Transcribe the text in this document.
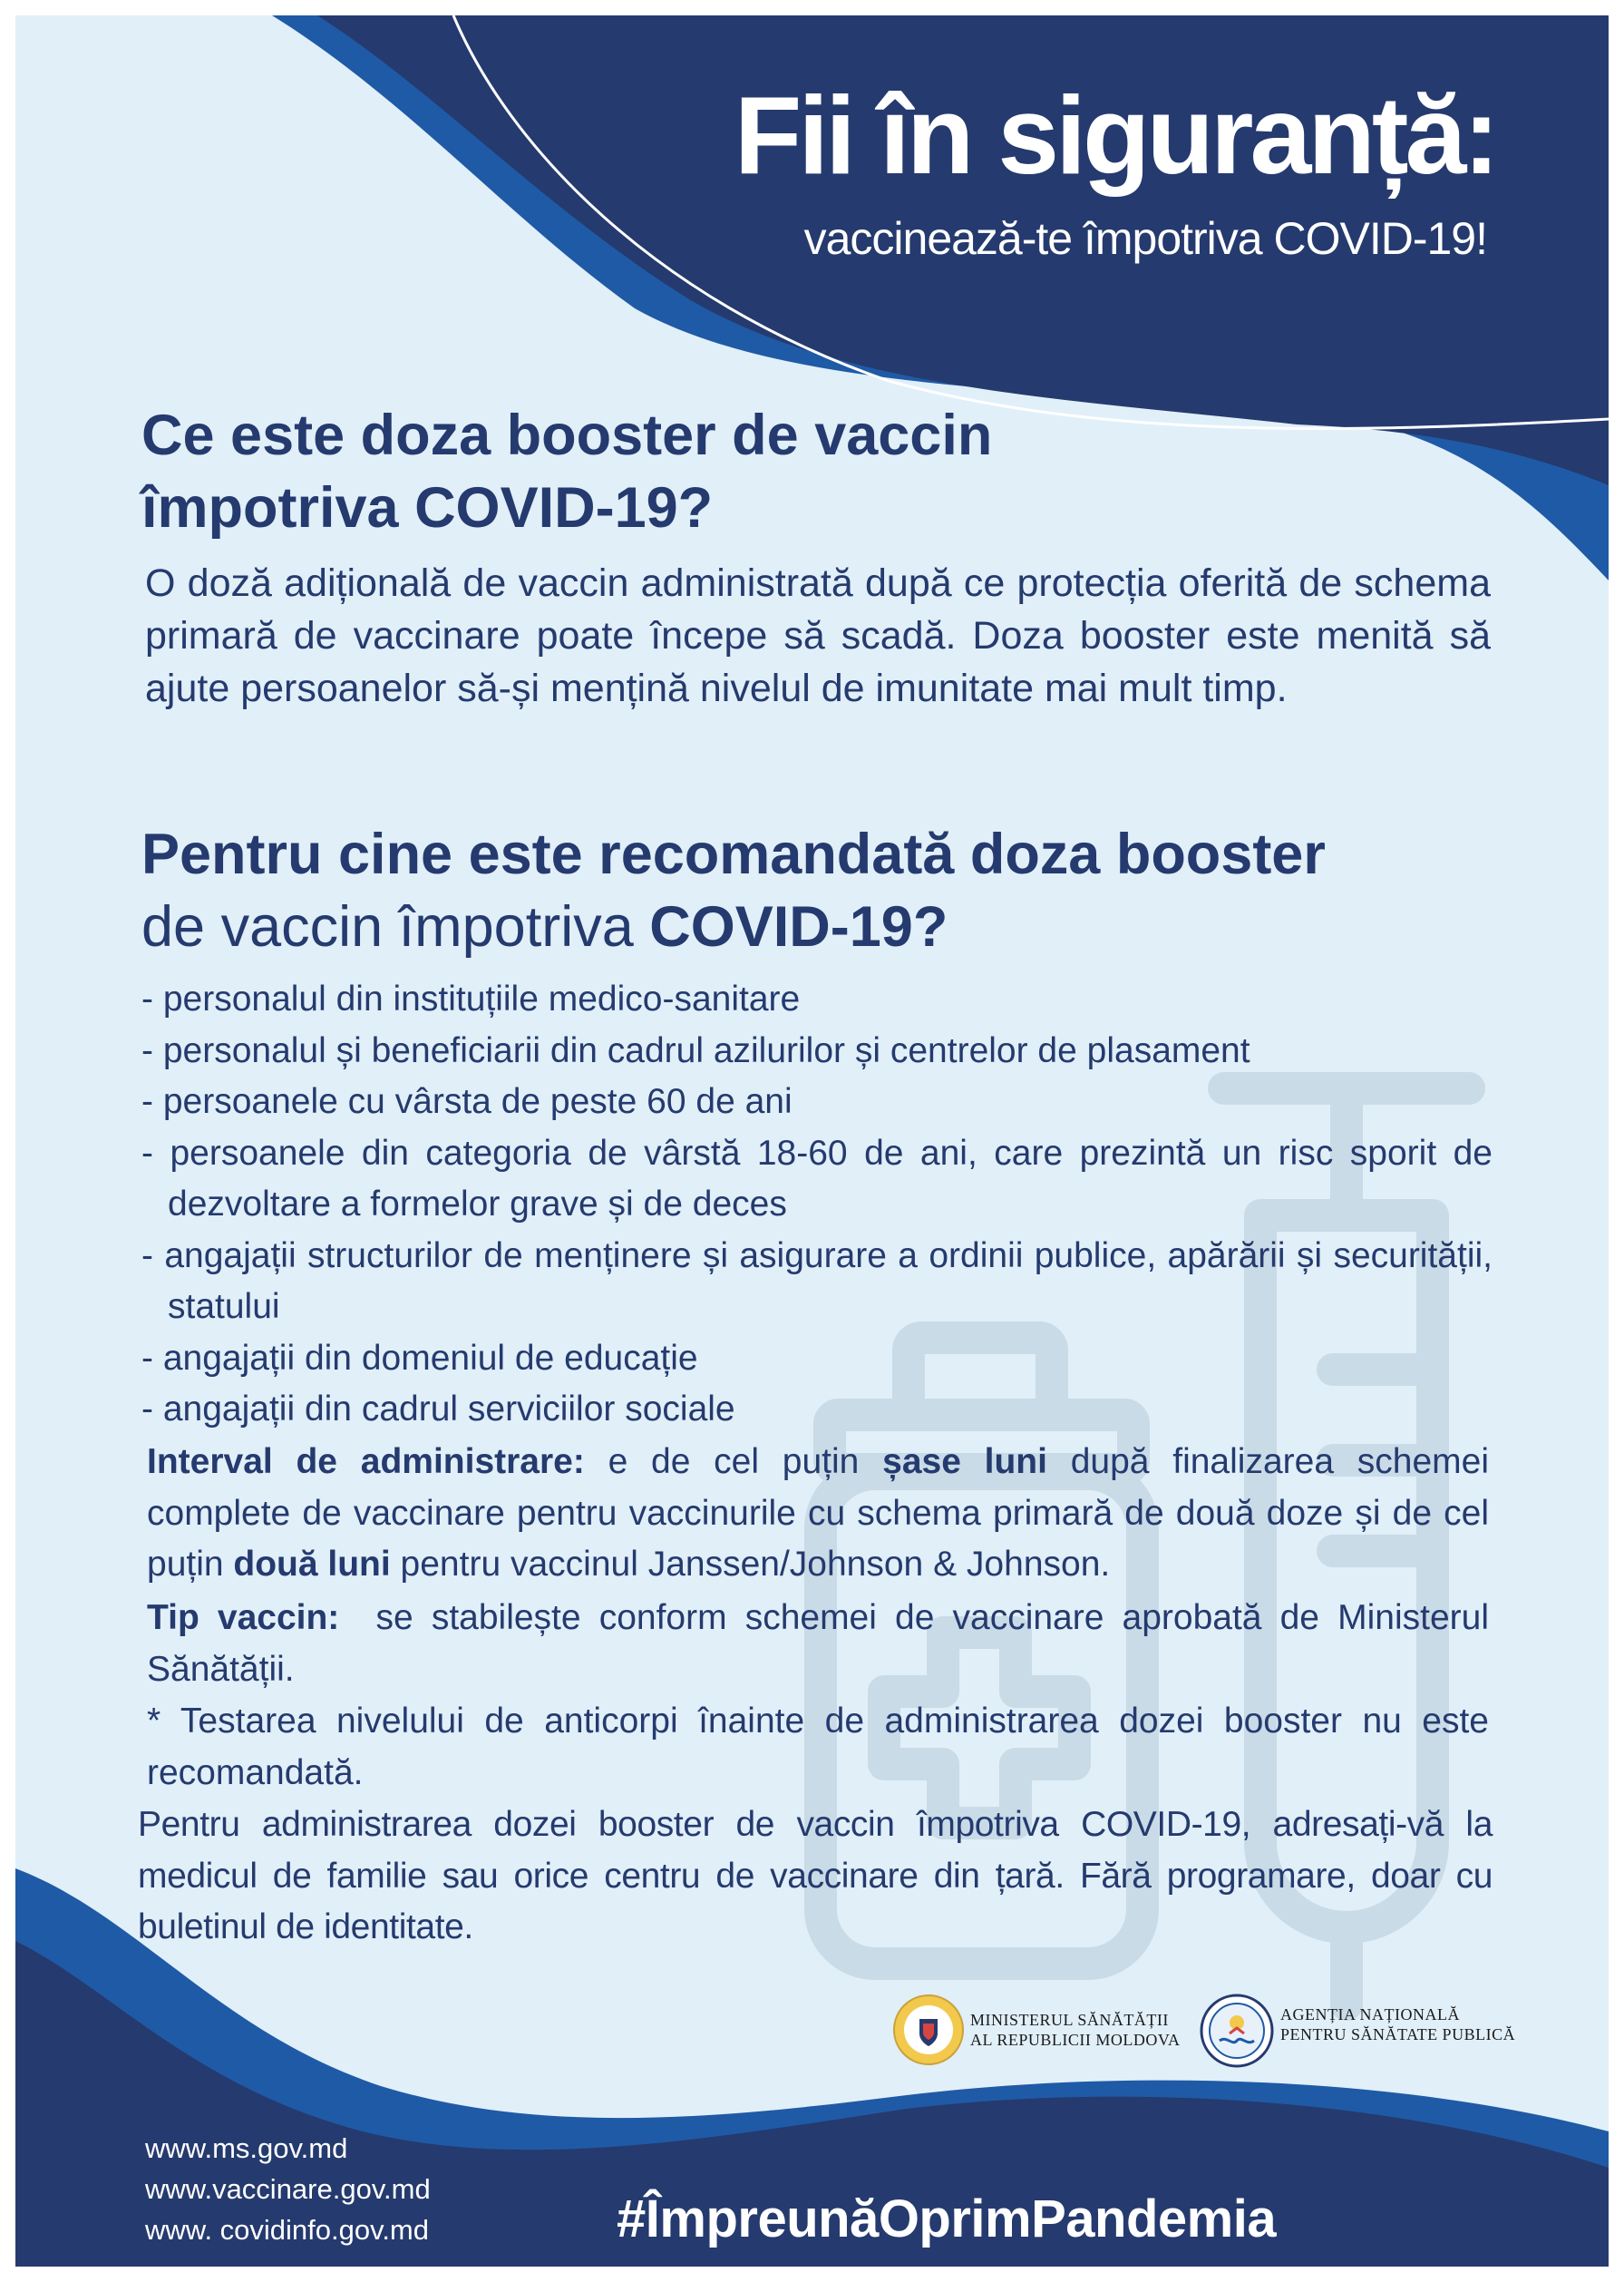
Fii în siguranță:
vaccinează-te împotriva COVID-19!
Ce este doza booster de vaccin
împotriva COVID-19?

O doză adițională de vaccin administrată după ce protecția oferită de schema primară de vaccinare poate începe să scadă. Doza booster este menită să ajute persoanelor să-și mențină nivelul de imunitate mai mult timp.

Pentru cine este recomandată doza booster
de vaccin împotriva COVID-19?
- personalul din instituțiile medico-sanitare
- personalul și beneficiarii din cadrul azilurilor și centrelor de plasament
- persoanele cu vârsta de peste 60 de ani
- persoanele din categoria de vârstă 18-60 de ani, care prezintă un risc sporit de dezvoltare a formelor grave și de deces
- angajații structurilor de menținere și asigurare a ordinii publice, apărării și securității, statului
- angajații din domeniul de educație
- angajații din cadrul serviciilor sociale

Interval de administrare: e de cel puțin șase luni după finalizarea schemei complete de vaccinare pentru vaccinurile cu schema primară de două doze și de cel puțin două luni pentru vaccinul Janssen/Johnson & Johnson.

Tip vaccin:  se stabilește conform schemei de vaccinare aprobată de Ministerul Sănătății.

* Testarea nivelului de anticorpi înainte de administrarea dozei booster nu este recomandată.

Pentru administrarea dozei booster de vaccin împotriva COVID-19, adresați-vă la medicul de familie sau orice centru de vaccinare din țară. Fără programare, doar cu buletinul de identitate.

MINISTERUL SĂNĂTĂȚII
AL REPUBLICII MOLDOVA
AGENȚIA NAȚIONALĂ
PENTRU SĂNĂTATE PUBLICĂ
www.ms.gov.md
www.vaccinare.gov.md
www. covidinfo.gov.md	#ÎmpreunăOprimPandemia
